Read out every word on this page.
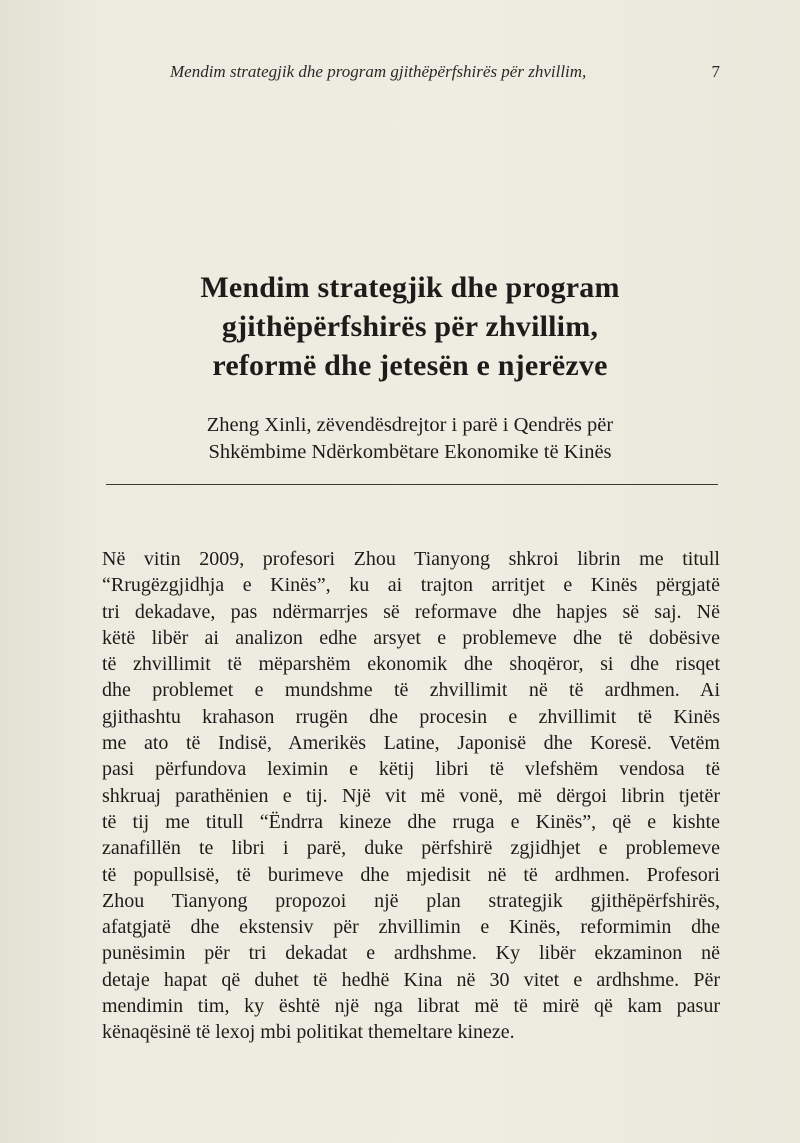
Mendim strategjik dhe program gjithëpërfshirës për zhvillim,	7
Mendim strategjik dhe program
gjithëpërfshirës për zhvillim,
reformë dhe jetesën e njerëzve
Zheng Xinli, zëvendësdrejtor i parë i Qendrës për
Shkëmbime Ndërkombëtare Ekonomike të Kinës
Në vitin 2009, profesori Zhou Tianyong shkroi librin me titull
“Rrugëzgjidhja e Kinës”, ku ai trajton arritjet e Kinës përgjatë
tri dekadave, pas ndërmarrjes së reformave dhe hapjes së saj. Në
këtë libër ai analizon edhe arsyet e problemeve dhe të dobësive
të zhvillimit të mëparshëm ekonomik dhe shoqëror, si dhe risqet
dhe problemet e mundshme të zhvillimit në të ardhmen. Ai
gjithashtu krahason rrugën dhe procesin e zhvillimit të Kinës
me ato të Indisë, Amerikës Latine, Japonisë dhe Koresë. Vetëm
pasi përfundova leximin e këtij libri të vlefshëm vendosa të
shkruaj parathënien e tij. Një vit më vonë, më dërgoi librin tjetër
të tij me titull “Ëndrra kineze dhe rruga e Kinës”, që e kishte
zanafillën te libri i parë, duke përfshirë zgjidhjet e problemeve
të popullsisë, të burimeve dhe mjedisit në të ardhmen. Profesori
Zhou Tianyong propozoi një plan strategjik gjithëpërfshirës,
afatgjatë dhe ekstensiv për zhvillimin e Kinës, reformimin dhe
punësimin për tri dekadat e ardhshme. Ky libër ekzaminon në
detaje hapat që duhet të hedhë Kina në 30 vitet e ardhshme. Për
mendimin tim, ky është një nga librat më të mirë që kam pasur
kënaqësinë të lexoj mbi politikat themeltare kineze.
